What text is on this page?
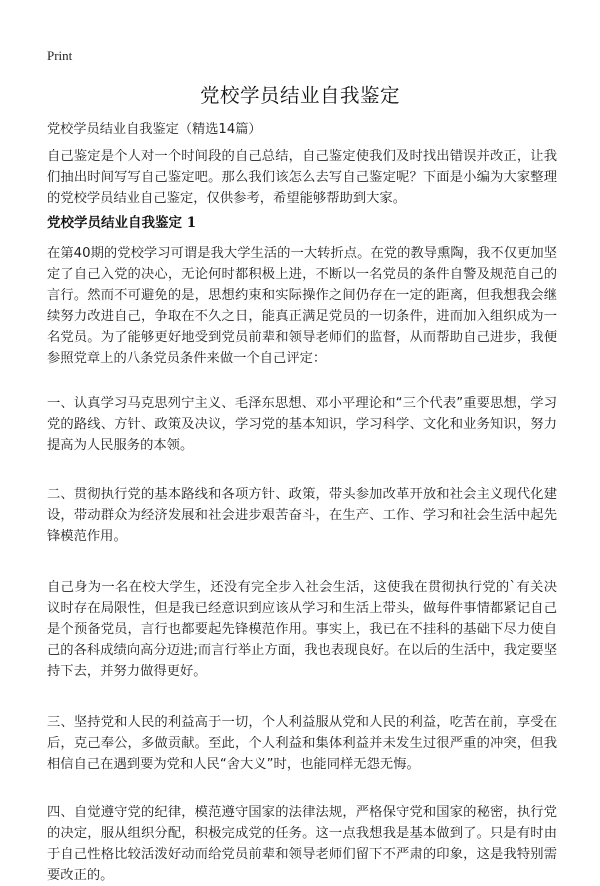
Print
党校学员结业自我鉴定
党校学员结业自我鉴定（精选14篇）

自己鉴定是个人对一个时间段的自己总结，自己鉴定使我们及时找出错误并改正，让我们抽出时间写写自己鉴定吧。那么我们该怎么去写自己鉴定呢？下面是小编为大家整理的党校学员结业自己鉴定，仅供参考，希望能够帮助到大家。

党校学员结业自我鉴定 1

在第40期的党校学习可谓是我大学生活的一大转折点。在党的教导熏陶，我不仅更加坚定了自己入党的决心，无论何时都积极上进，不断以一名党员的条件自警及规范自己的言行。然而不可避免的是，思想约束和实际操作之间仍存在一定的距离，但我想我会继续努力改进自己，争取在不久之日，能真正满足党员的一切条件，进而加入组织成为一名党员。为了能够更好地受到党员前辈和领导老师们的监督，从而帮助自己进步，我便参照党章上的八条党员条件来做一个自己评定：

一、认真学习马克思列宁主义、毛泽东思想、邓小平理论和“三个代表”重要思想，学习党的路线、方针、政策及决议，学习党的基本知识，学习科学、文化和业务知识，努力提高为人民服务的本领。

二、贯彻执行党的基本路线和各项方针、政策，带头参加改革开放和社会主义现代化建设，带动群众为经济发展和社会进步艰苦奋斗，在生产、工作、学习和社会生活中起先锋模范作用。

自己身为一名在校大学生，还没有完全步入社会生活，这使我在贯彻执行党的`有关决议时存在局限性，但是我已经意识到应该从学习和生活上带头，做每件事情都紧记自己是个预备党员，言行也都要起先锋模范作用。事实上，我已在不挂科的基础下尽力使自己的各科成绩向高分迈进;而言行举止方面，我也表现良好。在以后的生活中，我定要坚持下去，并努力做得更好。

三、坚持党和人民的利益高于一切，个人利益服从党和人民的利益，吃苦在前，享受在后，克己奉公，多做贡献。至此，个人利益和集体利益并未发生过很严重的冲突，但我相信自己在遇到要为党和人民“舍大义”时，也能同样无怨无悔。

四、自觉遵守党的纪律，模范遵守国家的法律法规，严格保守党和国家的秘密，执行党的决定，服从组织分配，积极完成党的任务。这一点我想我是基本做到了。只是有时由于自己性格比较活泼好动而给党员前辈和领导老师们留下不严肃的印象，这是我特别需要改正的。
